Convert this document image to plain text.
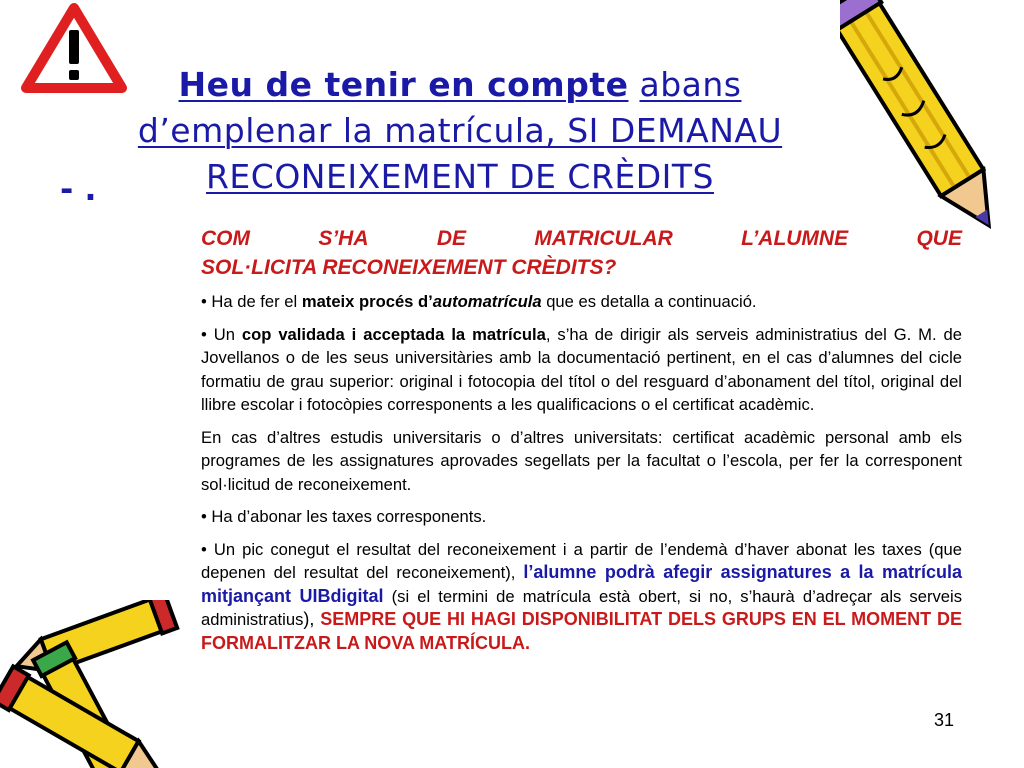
Heu de tenir en compte abans
d’emplenar la matrícula, SI DEMANAU
RECONEIXEMENT DE CRÈDITS
- .

COM	S’HA	DE	MATRICULAR	L’ALUMNE	QUE
SOL·LICITA RECONEIXEMENT CRÈDITS?

• Ha de fer el mateix procés d’automatrícula que es detalla a continuació.

• Un cop validada i acceptada la matrícula, s’ha de dirigir als serveis administratius del G. M. de Jovellanos o de les seus universitàries amb la documentació pertinent, en el cas d’alumnes del cicle formatiu de grau superior: original i fotocopia del títol o del resguard d’abonament del títol, original del llibre escolar i fotocòpies corresponents a les qualificacions o el certificat acadèmic.

En cas d’altres estudis universitaris o d’altres universitats: certificat acadèmic personal amb els programes de les assignatures aprovades segellats per la facultat o l’escola, per fer la corresponent sol·licitud de reconeixement.

• Ha d’abonar les taxes corresponents.

• Un pic conegut el resultat del reconeixement i a partir de l’endemà d’haver abonat les taxes (que depenen del resultat del reconeixement), l’alumne podrà afegir assignatures a la matrícula mitjançant UIBdigital (si el termini de matrícula està obert, si no, s’haurà d’adreçar als serveis administratius), SEMPRE QUE HI HAGI DISPONIBILITAT DELS GRUPS EN EL MOMENT DE FORMALITZAR LA NOVA MATRÍCULA.

31
